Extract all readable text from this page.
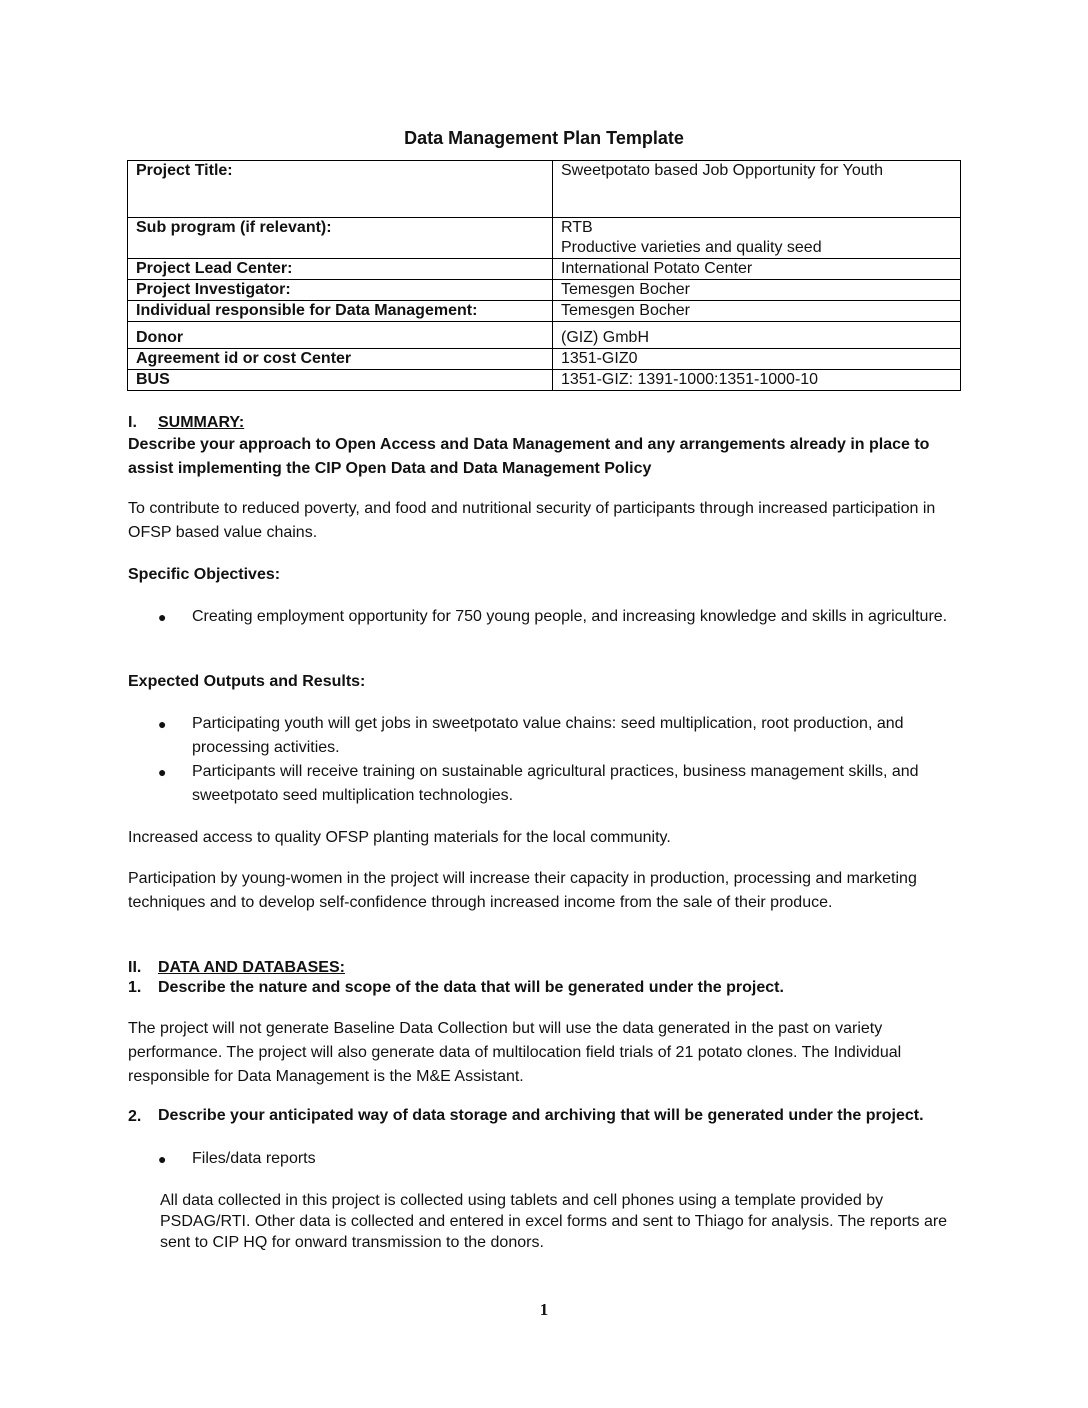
Data Management Plan Template
Project Title:	Sweetpotato based Job Opportunity for Youth
Sub program (if relevant):	RTB
Productive varieties and quality seed

Project Lead Center:	International Potato Center
Project Investigator:	Temesgen Bocher
Individual responsible for Data Management:	Temesgen Bocher
Donor	(GIZ) GmbH
Agreement id or cost Center	1351-GIZ0
BUS	1351-GIZ: 1391-1000:1351-1000-10
I. SUMMARY:
Describe your approach to Open Access and Data Management and any arrangements already in place to assist implementing the CIP Open Data and Data Management Policy
To contribute to reduced poverty, and food and nutritional security of participants through increased participation in OFSP based value chains.
Specific Objectives:
●	Creating employment opportunity for 750 young people, and increasing knowledge and skills in agriculture.
Expected Outputs and Results:
●	Participating youth will get jobs in sweetpotato value chains: seed multiplication, root production, and processing activities.
●	Participants will receive training on sustainable agricultural practices, business management skills, and sweetpotato seed multiplication technologies.
Increased access to quality OFSP planting materials for the local community.
Participation by young-women in the project will increase their capacity in production, processing and marketing techniques and to develop self-confidence through increased income from the sale of their produce.
II. DATA AND DATABASES:
1. Describe the nature and scope of the data that will be generated under the project.
The project will not generate Baseline Data Collection but will use the data generated in the past on variety performance. The project will also generate data of multilocation field trials of 21 potato clones. The Individual responsible for Data Management is the M&E Assistant.
2.	Describe your anticipated way of data storage and archiving that will be generated under the project.
●	Files/data reports
All data collected in this project is collected using tablets and cell phones using a template provided by PSDAG/RTI. Other data is collected and entered in excel forms and sent to Thiago for analysis. The reports are sent to CIP HQ for onward transmission to the donors.
1
